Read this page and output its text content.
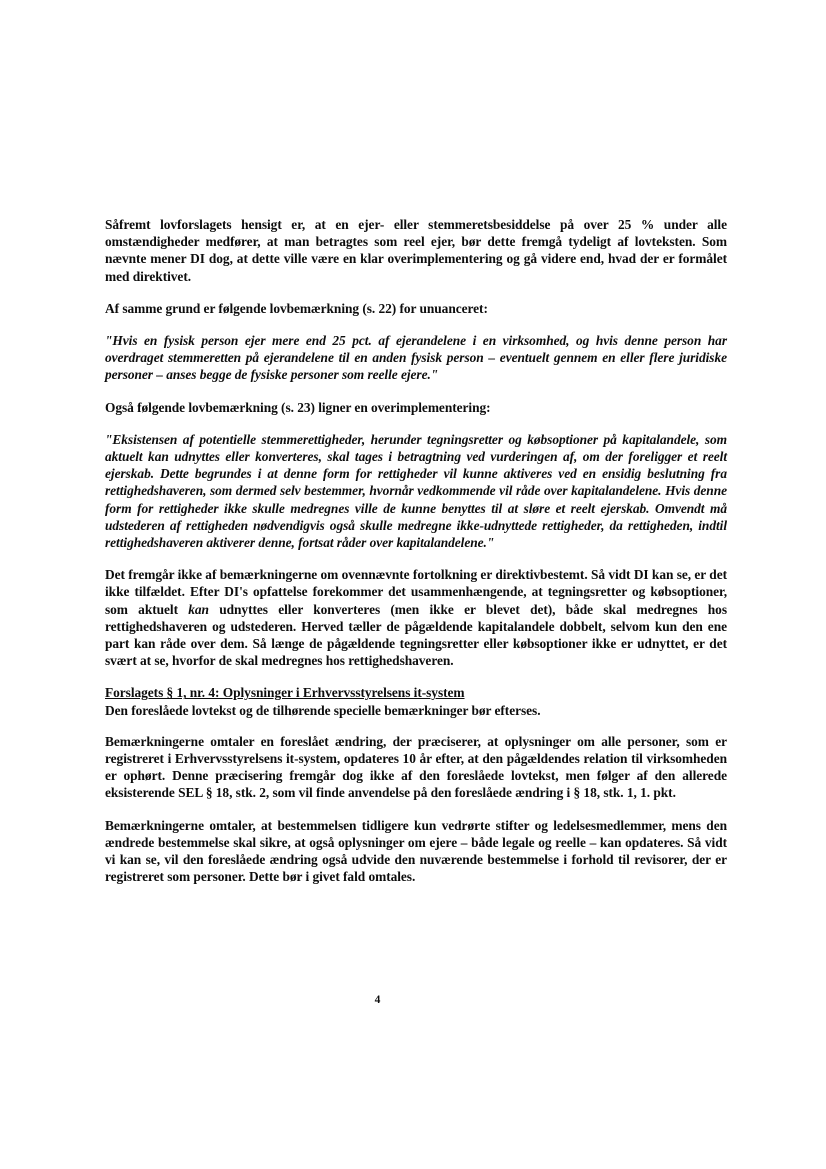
Såfremt lovforslagets hensigt er, at en ejer- eller stemmeretsbesiddelse på over 25 % under alle omstændigheder medfører, at man betragtes som reel ejer, bør dette fremgå tydeligt af lovteksten. Som nævnte mener DI dog, at dette ville være en klar overimplementering og gå videre end, hvad der er formålet med direktivet.

Af samme grund er følgende lovbemærkning (s. 22) for unuanceret:

"Hvis en fysisk person ejer mere end 25 pct. af ejerandelene i en virksomhed, og hvis denne person har overdraget stemmeretten på ejerandelene til en anden fysisk person – eventuelt gennem en eller flere juridiske personer – anses begge de fysiske personer som reelle ejere."

Også følgende lovbemærkning (s. 23) ligner en overimplementering:

"Eksistensen af potentielle stemmerettigheder, herunder tegningsretter og købsoptioner på kapitalandele, som aktuelt kan udnyttes eller konverteres, skal tages i betragtning ved vurderingen af, om der foreligger et reelt ejerskab. Dette begrundes i at denne form for rettigheder vil kunne aktiveres ved en ensidig beslutning fra rettighedshaveren, som dermed selv bestemmer, hvornår vedkommende vil råde over kapitalandelene. Hvis denne form for rettigheder ikke skulle medregnes ville de kunne benyttes til at sløre et reelt ejerskab. Omvendt må udstederen af rettigheden nødvendigvis også skulle medregne ikke-udnyttede rettigheder, da rettigheden, indtil rettighedshaveren aktiverer denne, fortsat råder over kapitalandelene."

Det fremgår ikke af bemærkningerne om ovennævnte fortolkning er direktivbestemt. Så vidt DI kan se, er det ikke tilfældet. Efter DI's opfattelse forekommer det usammenhængende, at tegningsretter og købsoptioner, som aktuelt kan udnyttes eller konverteres (men ikke er blevet det), både skal medregnes hos rettighedshaveren og udstederen. Herved tæller de pågældende kapitalandele dobbelt, selvom kun den ene part kan råde over dem. Så længe de pågældende tegningsretter eller købsoptioner ikke er udnyttet, er det svært at se, hvorfor de skal medregnes hos rettighedshaveren.

Forslagets § 1, nr. 4: Oplysninger i Erhvervsstyrelsens it-system
Den foreslåede lovtekst og de tilhørende specielle bemærkninger bør efterses.

Bemærkningerne omtaler en foreslået ændring, der præciserer, at oplysninger om alle personer, som er registreret i Erhvervsstyrelsens it-system, opdateres 10 år efter, at den pågældendes relation til virksomheden er ophørt. Denne præcisering fremgår dog ikke af den foreslåede lovtekst, men følger af den allerede eksisterende SEL § 18, stk. 2, som vil finde anvendelse på den foreslåede ændring i § 18, stk. 1, 1. pkt.

Bemærkningerne omtaler, at bestemmelsen tidligere kun vedrørte stifter og ledelsesmedlemmer, mens den ændrede bestemmelse skal sikre, at også oplysninger om ejere – både legale og reelle – kan opdateres. Så vidt vi kan se, vil den foreslåede ændring også udvide den nuværende bestemmelse i forhold til revisorer, der er registreret som personer. Dette bør i givet fald omtales.

4
